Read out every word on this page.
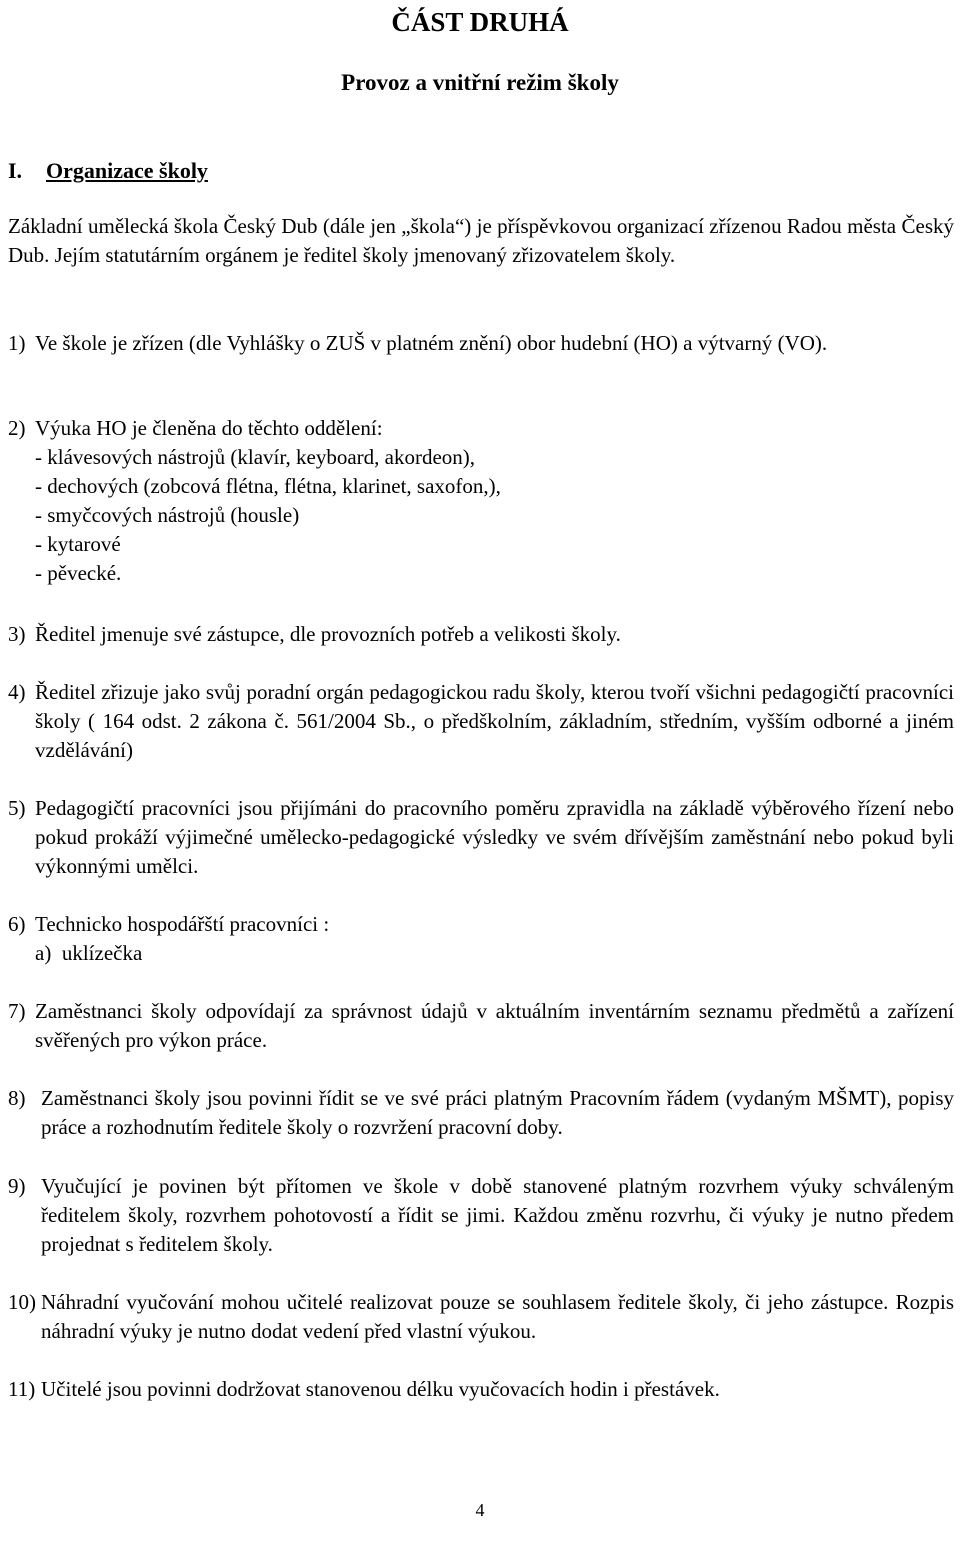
ČÁST DRUHÁ
Provoz a vnitřní režim školy
I. Organizace školy

Základní umělecká škola Český Dub (dále jen „škola“) je příspěvkovou organizací zřízenou Radou města Český Dub. Jejím statutárním orgánem je ředitel školy jmenovaný zřizovatelem školy.

1) Ve škole je zřízen (dle Vyhlášky o ZUŠ v platném znění) obor hudební (HO) a výtvarný (VO).
2) Výuka HO je členěna do těchto oddělení:
- klávesových nástrojů (klavír, keyboard, akordeon),
- dechových (zobcová flétna, flétna, klarinet, saxofon,),
- smyčcových nástrojů (housle)
- kytarové
- pěvecké.
3) Ředitel jmenuje své zástupce, dle provozních potřeb a velikosti školy.
4) Ředitel zřizuje jako svůj poradní orgán pedagogickou radu školy, kterou tvoří všichni pedagogičtí pracovníci školy ( 164 odst. 2 zákona č. 561/2004 Sb., o předškolním, základním, středním, vyšším odborné a jiném vzdělávání)
5) Pedagogičtí pracovníci jsou přijímáni do pracovního poměru zpravidla na základě výběrového řízení nebo pokud prokáží výjimečné umělecko-pedagogické výsledky ve svém dřívějším zaměstnání nebo pokud byli výkonnými umělci.
6) Technicko hospodářští pracovníci :
a) uklízečka
7) Zaměstnanci školy odpovídají za správnost údajů v aktuálním inventárním seznamu předmětů a zařízení svěřených pro výkon práce.
8) Zaměstnanci školy jsou povinni řídit se ve své práci platným Pracovním řádem (vydaným MŠMT), popisy práce a rozhodnutím ředitele školy o rozvržení pracovní doby.
9) Vyučující je povinen být přítomen ve škole v době stanovené platným rozvrhem výuky schváleným ředitelem školy, rozvrhem pohotovostí a řídit se jimi. Každou změnu rozvrhu, či výuky je nutno předem projednat s ředitelem školy.
10) Náhradní vyučování mohou učitelé realizovat pouze se souhlasem ředitele školy, či jeho zástupce. Rozpis náhradní výuky je nutno dodat vedení před vlastní výukou.
11) Učitelé jsou povinni dodržovat stanovenou délku vyučovacích hodin i přestávek.

4
